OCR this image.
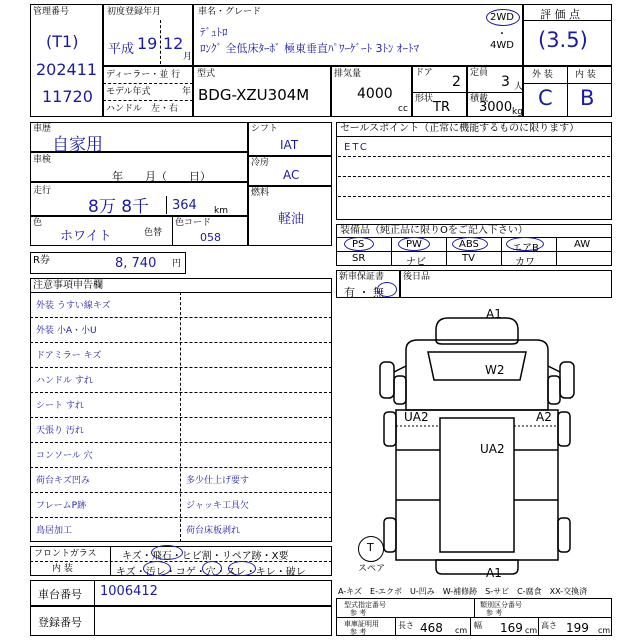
管理番号
(T1)
202411
11720
初度登録年月
平成 19 12
月
車名・グレード
ﾃﾞｭﾄﾛ
ﾛﾝｸﾞ 全低床ﾀｰﾎﾞ 極東垂直ﾊﾟﾜｰｹﾞｰﾄ 3ﾄﾝ ｵｰﾄﾏ
2WD
・
4WD
評 価 点
(3.5)
ディーラー・並 行
モデル年式	年
ハンドル　左・右
型式
BDG-XZU304M
排気量
4000
cc
ドア
2
形状
TR
定員
3 人
積載
3000 kg
外 装 内 装
C B
車歴
自家用
車検
年　　月（　　日）
走行
8万 8千 364 km
色
ホワイト	色替
色コード
058
シフト
IAT
冷房
AC
燃料
軽油
セールスポイント（正常に機能するものに限ります）
ETC
装備品（純正品に限りOをご記入下さい）
PS	PW	ABS	エアB	AW
SR	ナビ	TV	カワ
R券	8, 740 円
新車保証書
有 ・ 無
後日品
注意事項申告欄
外装 うすい線キズ
外装 小A・小U
ドアミラー キズ
ハンドル すれ
シート すれ
天張り 汚れ
コンソール 穴
荷台キズ凹み	多少仕上げ要す
フレームP跡	ジャッキ工具欠
鳥居加工	荷台床板剥れ
フロントガラス	キズ・飛石・ヒビ割・リペア跡・X要
内 装	キズ・汚レ・コゲ・穴・スレ・キレ・破レ
車台番号 1006412
登録番号
A1
W2
UA2	A2
UA2
A1
T
スペア
A-キズ　E-エクボ　U-凹み　W-補修跡　S-サビ　C-腐食　XX-交換済
型式指定番号
参 考
類別区分番号
参 考
車庫証明用
参 考
長さ 468 cm
幅 169 cm
高さ 199 cm
